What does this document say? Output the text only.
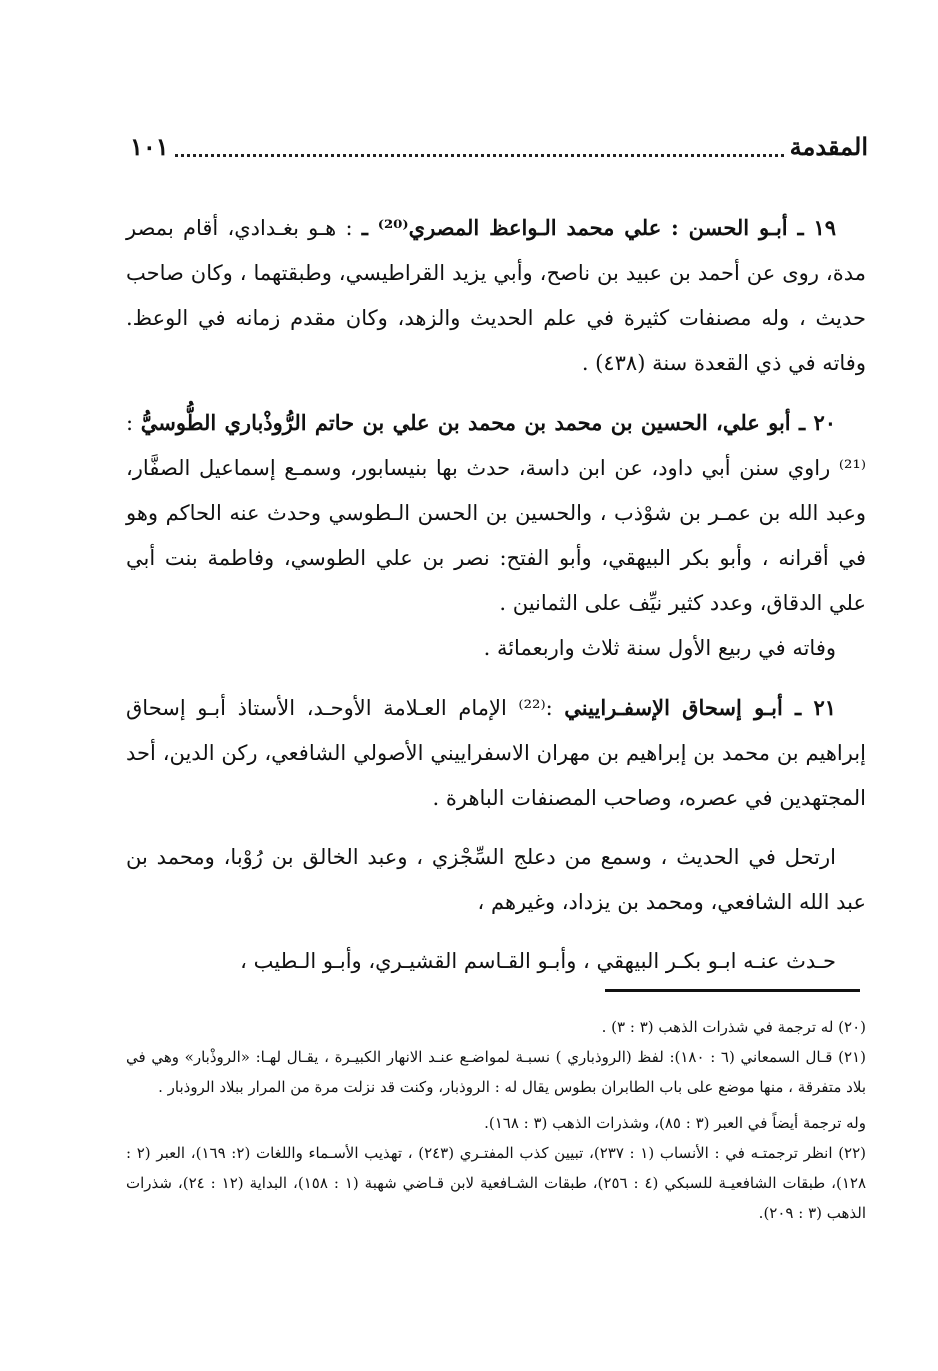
المقدمة
١٠١

١٩ ـ أبـو الحسن : علي محمد الـواعظ المصري⁽²⁰⁾ ـ : هـو بغـدادي، أقام بمصر مدة، روى عن أحمد بن عبيد بن ناصح، وأبي يزيد القراطيسي، وطبقتهما ، وكان صاحب حديث ، وله مصنفات كثيرة في علم الحديث والزهد، وكان مقدم زمانه في الوعظ. وفاته في ذي القعدة سنة (٤٣٨) .

٢٠ ـ أبو علي، الحسين بن محمد بن محمد بن علي بن حاتم الرُّوذْباري الطُّوسيُّ :⁽²¹⁾ راوي سنن أبي داود، عن ابن داسة، حدث بها بنيسابور، وسمـع إسماعيل الصفَّار، وعبد الله بن عمـر بن شوْذب ، والحسين بن الحسن الـطوسي وحدث عنه الحاكم وهو في أقرانه ، وأبو بكر البيهقي، وأبو الفتح: نصر بن علي الطوسي، وفاطمة بنت أبي علي الدقاق، وعدد كثير نيِّف على الثمانين .

وفاته في ربيع الأول سنة ثلاث واربعمائة .

٢١ ـ أبـو إسحاق الإسفـراييني :⁽²²⁾ الإمام العـلامة الأوحـد، الأستاذ أبـو إسحاق إبراهيم بن محمد بن إبراهيم بن مهران الاسفراييني الأصولي الشافعي، ركن الدين، أحد المجتهدين في عصره، وصاحب المصنفات الباهرة .

ارتحل في الحديث ، وسمع من دعلج السِّجْزي ، وعبد الخالق بن رُوْبا، ومحمد بن عبد الله الشافعي، ومحمد بن يزداد، وغيرهم ،

حـدث عنـه ابـو بكـر البيهقي ، وأبـو القـاسم القشيـري، وأبـو الـطيب ،

(٢٠) له ترجمة في شذرات الذهب (٣ : ٣) .

(٢١) قـال السمعاني (٦ : ١٨٠): لفظ (الروذباري ) نسبـة لمواضـع عنـد الانهار الكبيـرة ، يقـال لهـا: «الروذْبار» وهي في بلاد متفرقة ، منها موضع على باب الطابران بطوس يقال له : الروذبار، وكنت قد نزلت مرة من المرار ببلاد الروذبار .

وله ترجمة أيضاً في العبر (٣ : ٨٥)، وشذرات الذهب (٣ : ١٦٨).

(٢٢) انظر ترجمتـه في : الأنساب (١ : ٢٣٧)، تبيين كذب المفتـري (٢٤٣) ، تهذيب الأسـماء واللغات (٢: ١٦٩)، العبر (٢ : ١٢٨)، طبقات الشافعيـة للسبكي (٤ : ٢٥٦)، طبقات الشـافعية لابن قـاضي شهبة (١ : ١٥٨)، البداية (١٢ : ٢٤)، شذرات الذهب (٣ : ٢٠٩).
